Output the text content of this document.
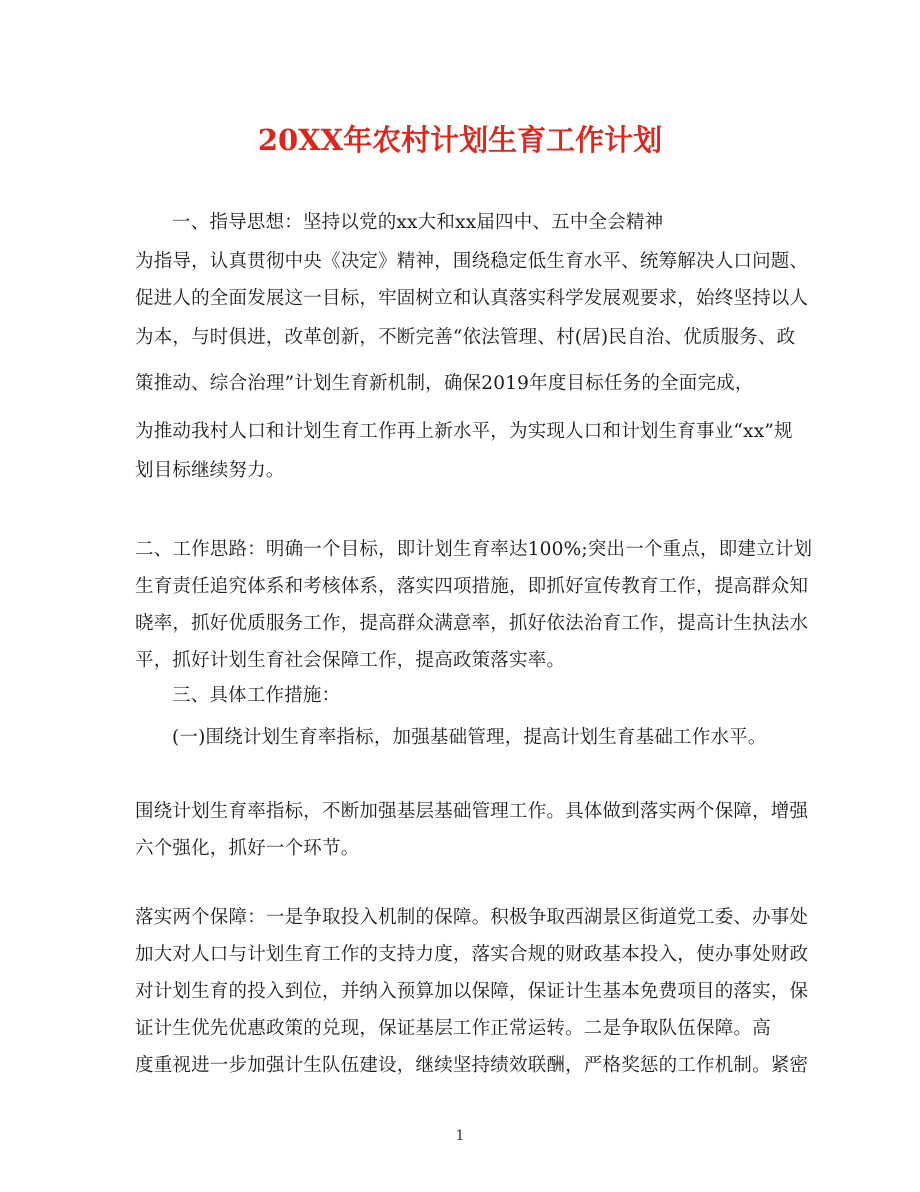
20XX年农村计划生育工作计划

一、指导思想：坚持以党的xx大和xx届四中、五中全会精神

为指导，认真贯彻中央《决定》精神，围绕稳定低生育水平、统筹解决人口问题、

促进人的全面发展这一目标，牢固树立和认真落实科学发展观要求，始终坚持以人

为本，与时俱进，改革创新，不断完善“依法管理、村(居)民自治、优质服务、政

策推动、综合治理”计划生育新机制，确保2019年度目标任务的全面完成，

为推动我村人口和计划生育工作再上新水平，为实现人口和计划生育事业“xx”规

划目标继续努力。

二、工作思路：明确一个目标，即计划生育率达100%;突出一个重点，即建立计划

生育责任追究体系和考核体系，落实四项措施，即抓好宣传教育工作，提高群众知

晓率，抓好优质服务工作，提高群众满意率，抓好依法治育工作，提高计生执法水

平，抓好计划生育社会保障工作，提高政策落实率。

三、具体工作措施：

(一)围绕计划生育率指标，加强基础管理，提高计划生育基础工作水平。

围绕计划生育率指标，不断加强基层基础管理工作。具体做到落实两个保障，增强

六个强化，抓好一个环节。

落实两个保障：一是争取投入机制的保障。积极争取西湖景区街道党工委、办事处

加大对人口与计划生育工作的支持力度，落实合规的财政基本投入，使办事处财政

对计划生育的投入到位，并纳入预算加以保障，保证计生基本免费项目的落实，保

证计生优先优惠政策的兑现，保证基层工作正常运转。二是争取队伍保障。高

度重视进一步加强计生队伍建设，继续坚持绩效联酬，严格奖惩的工作机制。紧密

1
